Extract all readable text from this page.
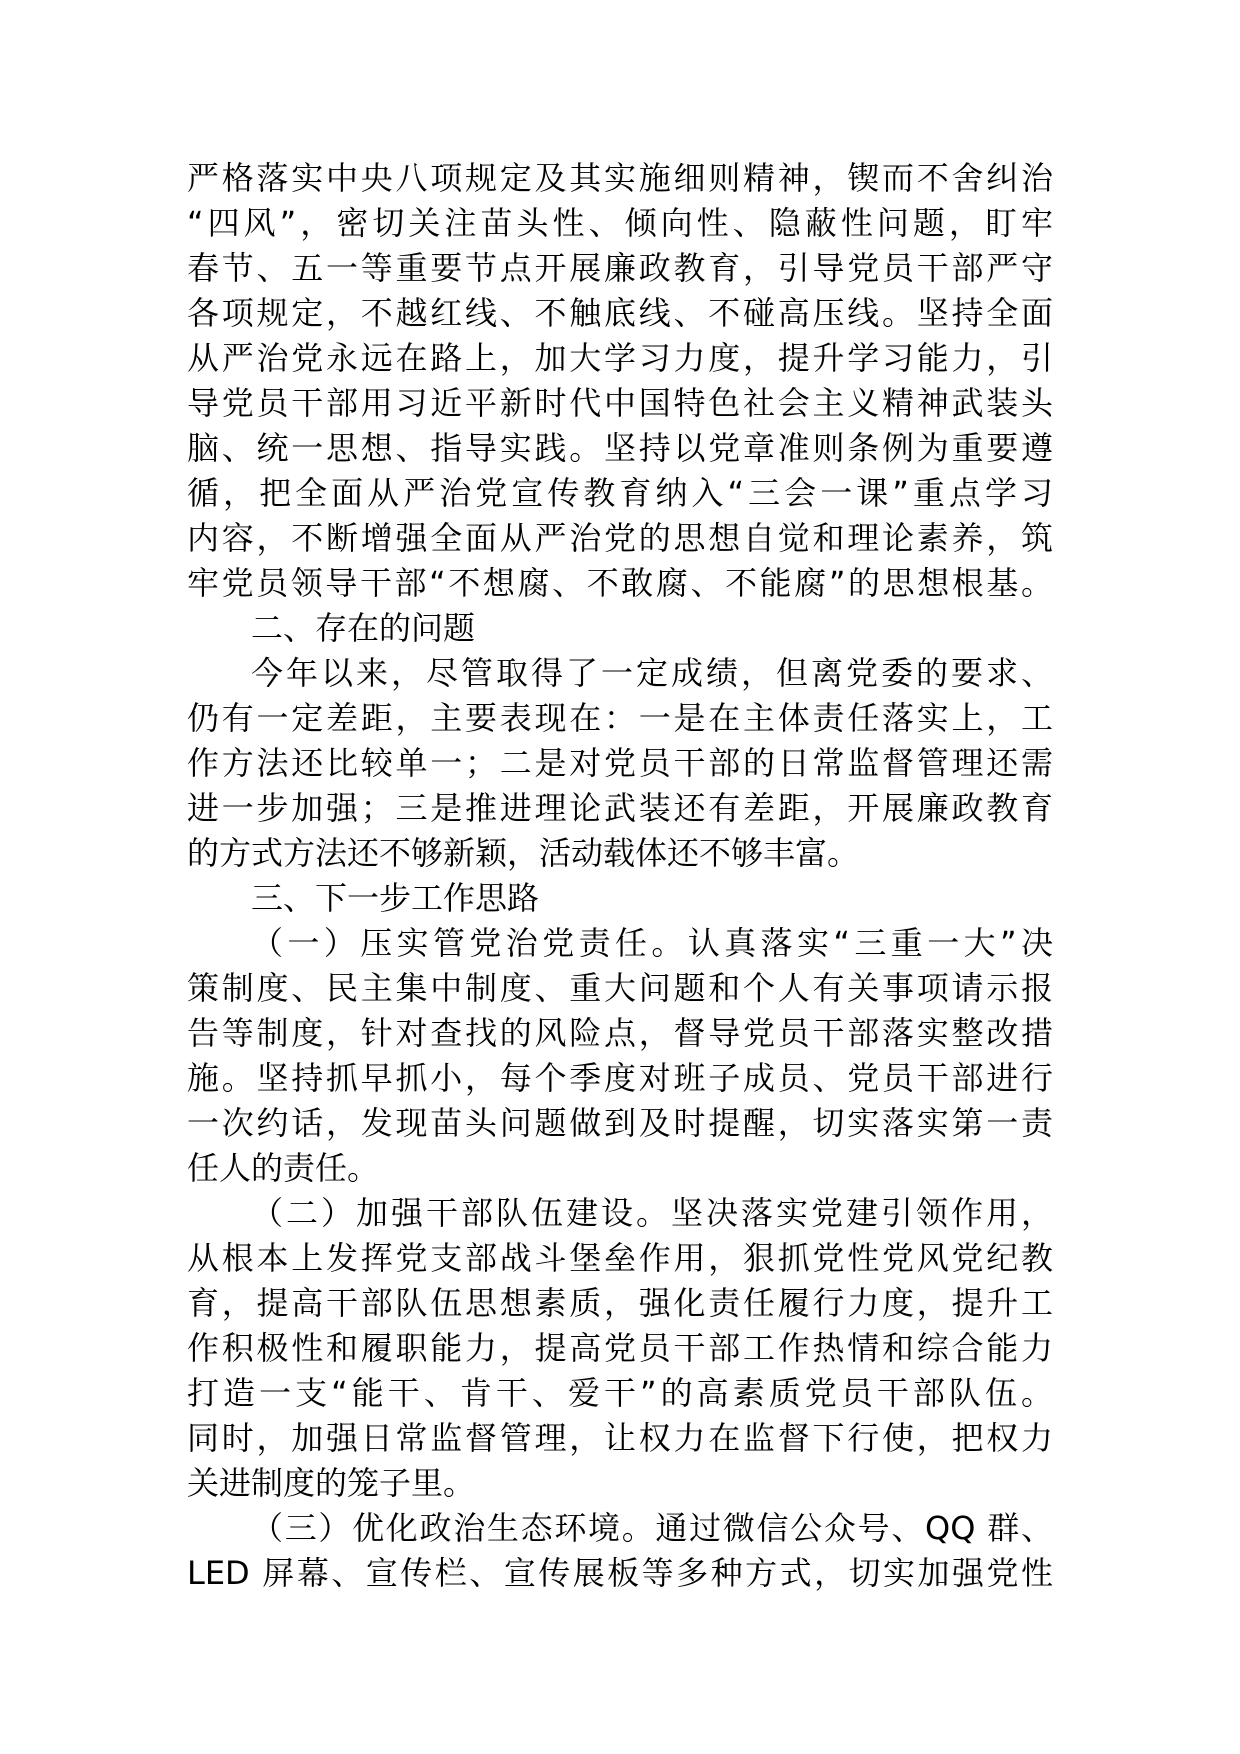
严格落实中央八项规定及其实施细则精神，锲而不舍纠治
“四风”，密切关注苗头性、倾向性、隐蔽性问题，盯牢
春节、五一等重要节点开展廉政教育，引导党员干部严守
各项规定，不越红线、不触底线、不碰高压线。坚持全面
从严治党永远在路上，加大学习力度，提升学习能力，引
导党员干部用习近平新时代中国特色社会主义精神武装头
脑、统一思想、指导实践。坚持以党章准则条例为重要遵
循，把全面从严治党宣传教育纳入“三会一课”重点学习
内容，不断增强全面从严治党的思想自觉和理论素养，筑
牢党员领导干部“不想腐、不敢腐、不能腐”的思想根基。
二、存在的问题
今年以来，尽管取得了一定成绩，但离党委的要求、
仍有一定差距，主要表现在：一是在主体责任落实上，工
作方法还比较单一；二是对党员干部的日常监督管理还需
进一步加强；三是推进理论武装还有差距，开展廉政教育
的方式方法还不够新颖，活动载体还不够丰富。
三、下一步工作思路
（一）压实管党治党责任。认真落实“三重一大”决
策制度、民主集中制度、重大问题和个人有关事项请示报
告等制度，针对查找的风险点，督导党员干部落实整改措
施。坚持抓早抓小，每个季度对班子成员、党员干部进行
一次约话，发现苗头问题做到及时提醒，切实落实第一责
任人的责任。
（二）加强干部队伍建设。坚决落实党建引领作用，
从根本上发挥党支部战斗堡垒作用，狠抓党性党风党纪教
育，提高干部队伍思想素质，强化责任履行力度，提升工
作积极性和履职能力，提高党员干部工作热情和综合能力
打造一支“能干、肯干、爱干”的高素质党员干部队伍。
同时，加强日常监督管理，让权力在监督下行使，把权力
关进制度的笼子里。
（三）优化政治生态环境。通过微信公众号、QQ 群、
LED 屏幕、宣传栏、宣传展板等多种方式，切实加强党性
